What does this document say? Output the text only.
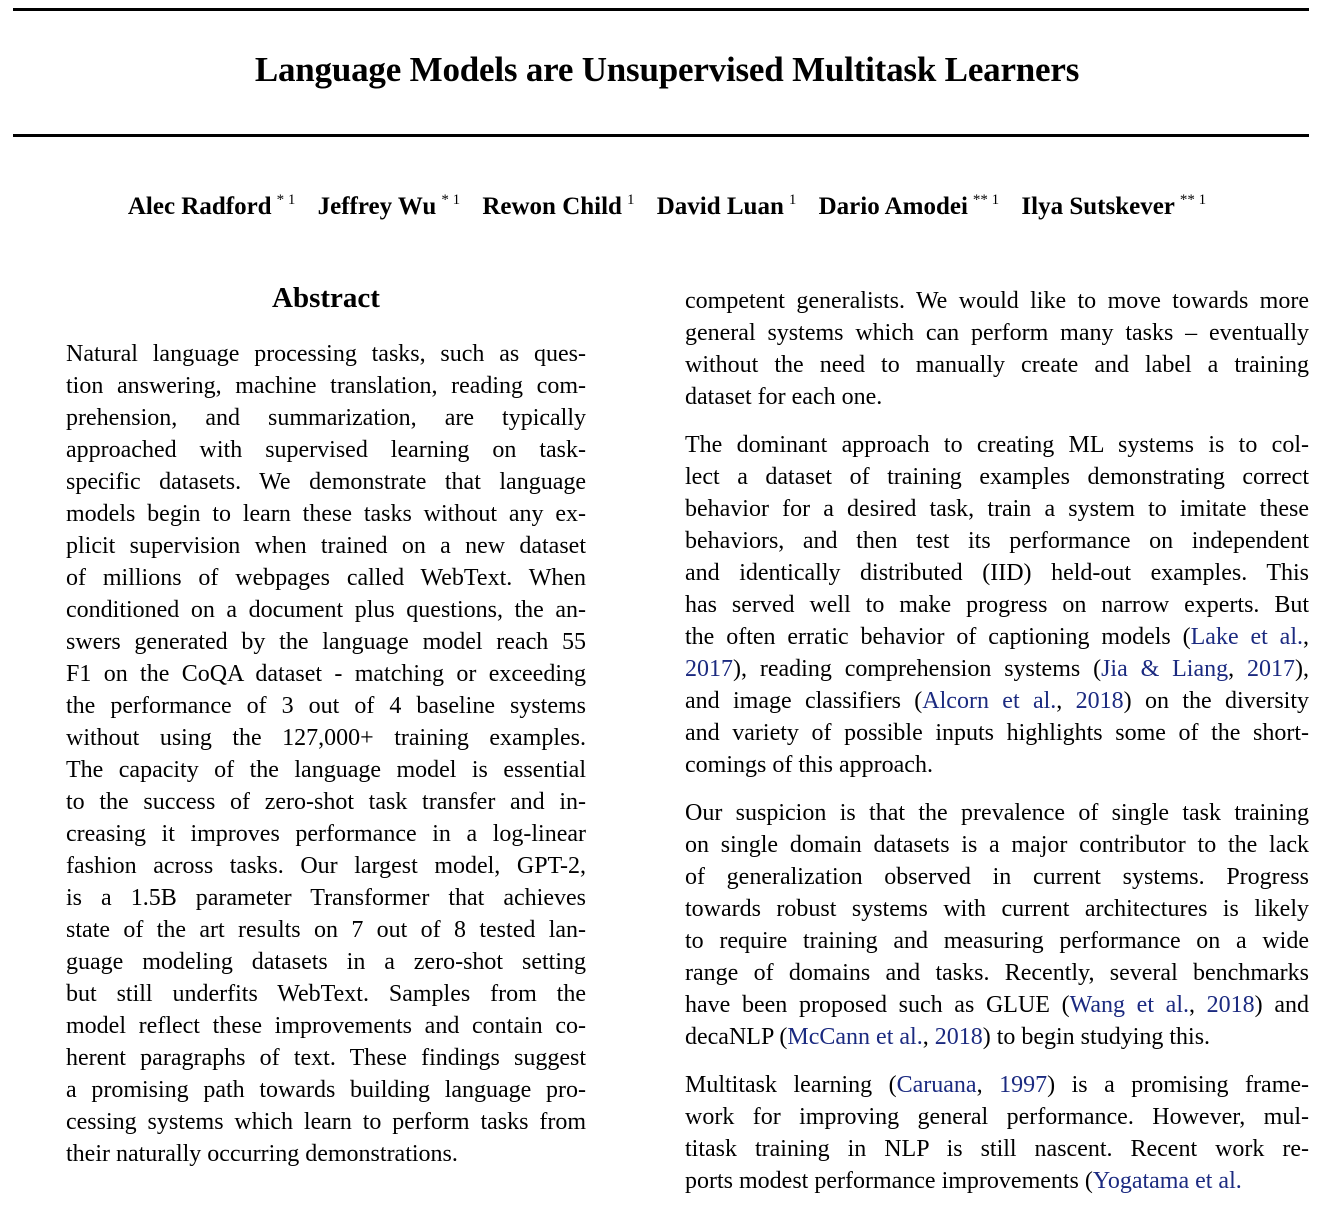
Language Models are Unsupervised Multitask Learners
Alec Radford $^{* 1}$ Jeffrey Wu $^{* 1}$ Rewon Child $^1$ David Luan $^1$ Dario Amodei $^{** 1}$ Ilya Sutskever $^{** 1}$
Abstract
Natural language processing tasks, such as ques-
tion answering, machine translation, reading com-
prehension, and summarization, are typically
approached with supervised learning on task-
specific datasets. We demonstrate that language
models begin to learn these tasks without any ex-
plicit supervision when trained on a new dataset
of millions of webpages called WebText. When
conditioned on a document plus questions, the an-
swers generated by the language model reach 55
F1 on the CoQA dataset - matching or exceeding
the performance of 3 out of 4 baseline systems
without using the 127,000+ training examples.
The capacity of the language model is essential
to the success of zero-shot task transfer and in-
creasing it improves performance in a log-linear
fashion across tasks. Our largest model, GPT-2,
is a 1.5B parameter Transformer that achieves
state of the art results on 7 out of 8 tested lan-
guage modeling datasets in a zero-shot setting
but still underfits WebText. Samples from the
model reflect these improvements and contain co-
herent paragraphs of text. These findings suggest
a promising path towards building language pro-
cessing systems which learn to perform tasks from
their naturally occurring demonstrations.
competent generalists. We would like to move towards more
general systems which can perform many tasks – eventually
without the need to manually create and label a training
dataset for each one.
The dominant approach to creating ML systems is to col-
lect a dataset of training examples demonstrating correct
behavior for a desired task, train a system to imitate these
behaviors, and then test its performance on independent
and identically distributed (IID) held-out examples. This
has served well to make progress on narrow experts. But
the often erratic behavior of captioning models (Lake et al.,
2017), reading comprehension systems (Jia & Liang, 2017),
and image classifiers (Alcorn et al., 2018) on the diversity
and variety of possible inputs highlights some of the short-
comings of this approach.
Our suspicion is that the prevalence of single task training
on single domain datasets is a major contributor to the lack
of generalization observed in current systems. Progress
towards robust systems with current architectures is likely
to require training and measuring performance on a wide
range of domains and tasks. Recently, several benchmarks
have been proposed such as GLUE (Wang et al., 2018) and
decaNLP (McCann et al., 2018) to begin studying this.
Multitask learning (Caruana, 1997) is a promising frame-
work for improving general performance. However, mul-
titask training in NLP is still nascent. Recent work re-
ports modest performance improvements (Yogatama et al.
